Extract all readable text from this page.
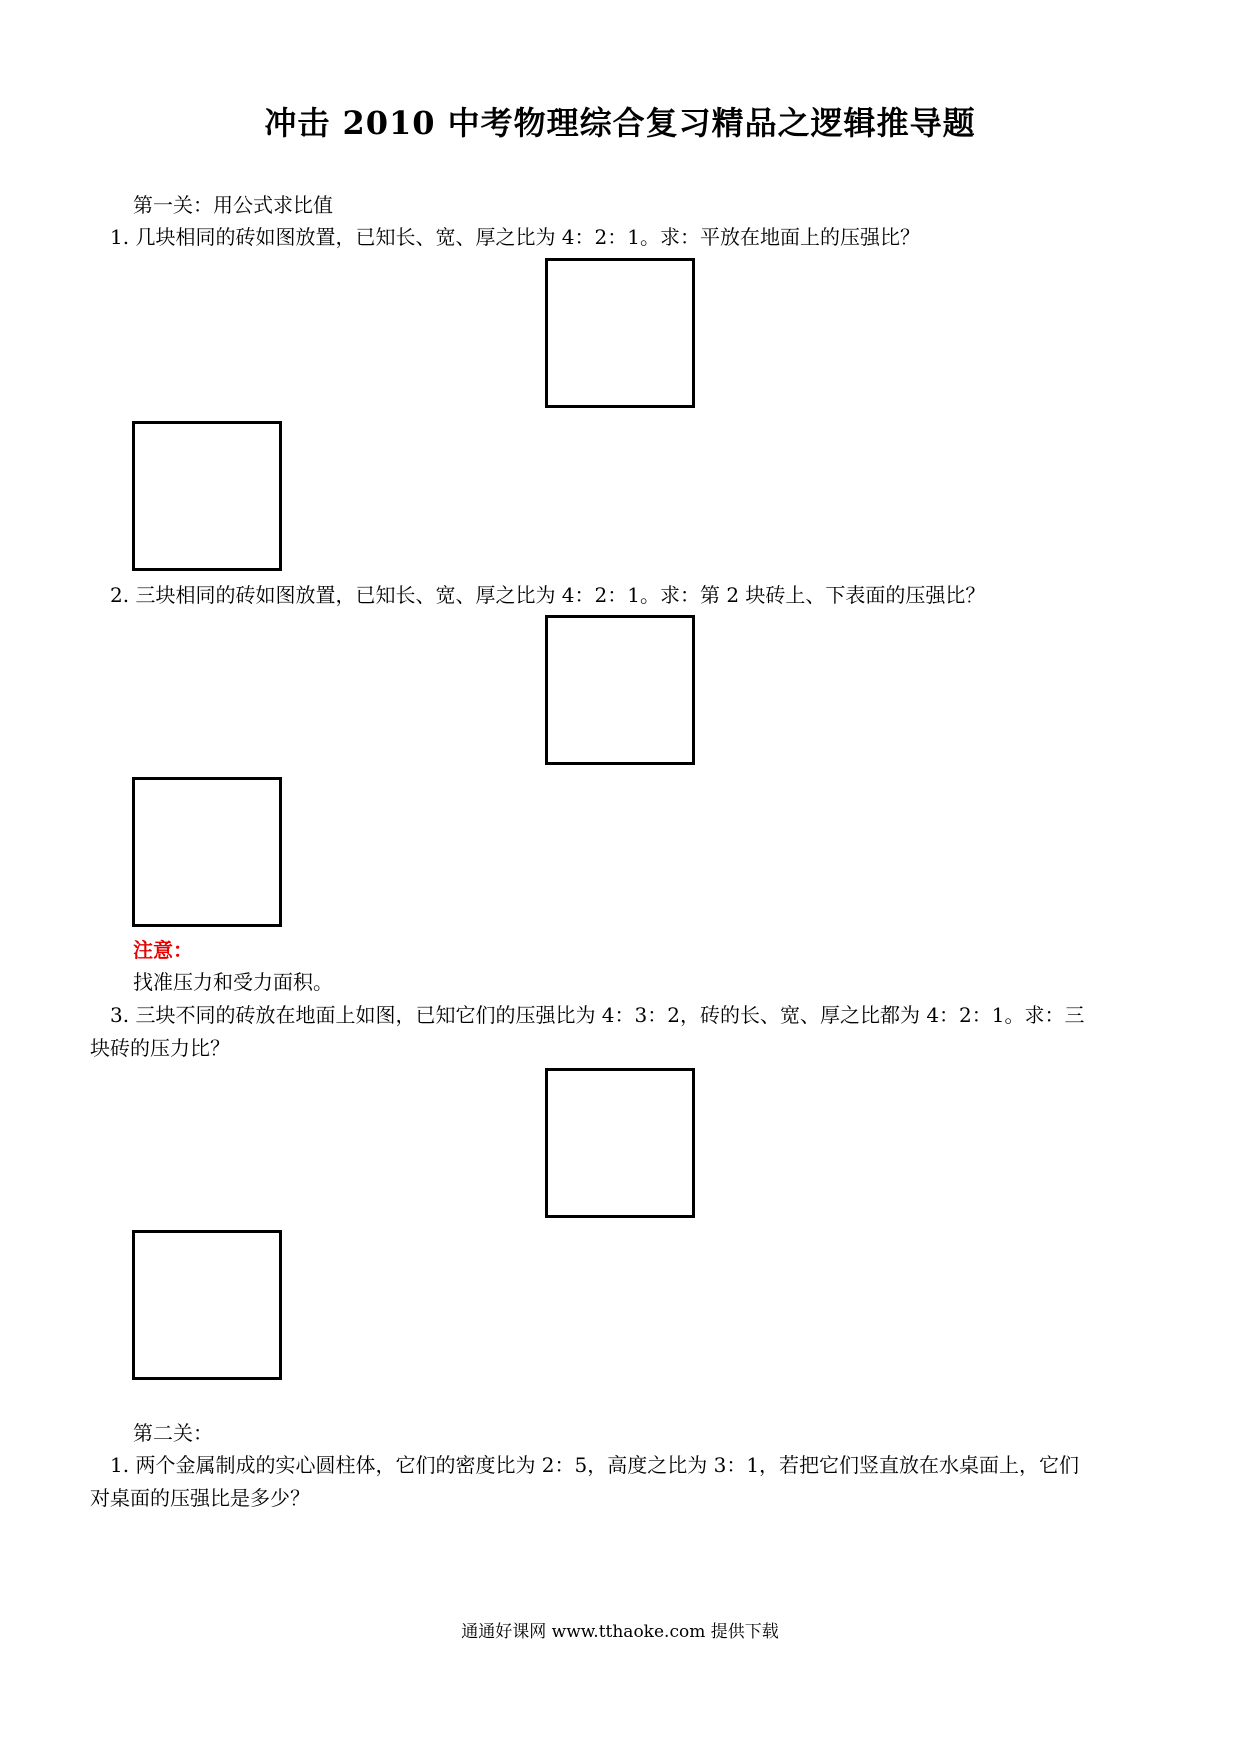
冲击 2010 中考物理综合复习精品之逻辑推导题
第一关：用公式求比值
1. 几块相同的砖如图放置，已知长、宽、厚之比为 4：2：1。求：平放在地面上的压强比？
2. 三块相同的砖如图放置，已知长、宽、厚之比为 4：2：1。求：第 2 块砖上、下表面的压强比？
注意：
找准压力和受力面积。
3. 三块不同的砖放在地面上如图，已知它们的压强比为 4：3：2，砖的长、宽、厚之比都为 4：2：1。求：三
块砖的压力比？
第二关：
1. 两个金属制成的实心圆柱体，它们的密度比为 2：5，高度之比为 3：1，若把它们竖直放在水桌面上，它们
对桌面的压强比是多少？
通通好课网 www.tthaoke.com 提供下载
